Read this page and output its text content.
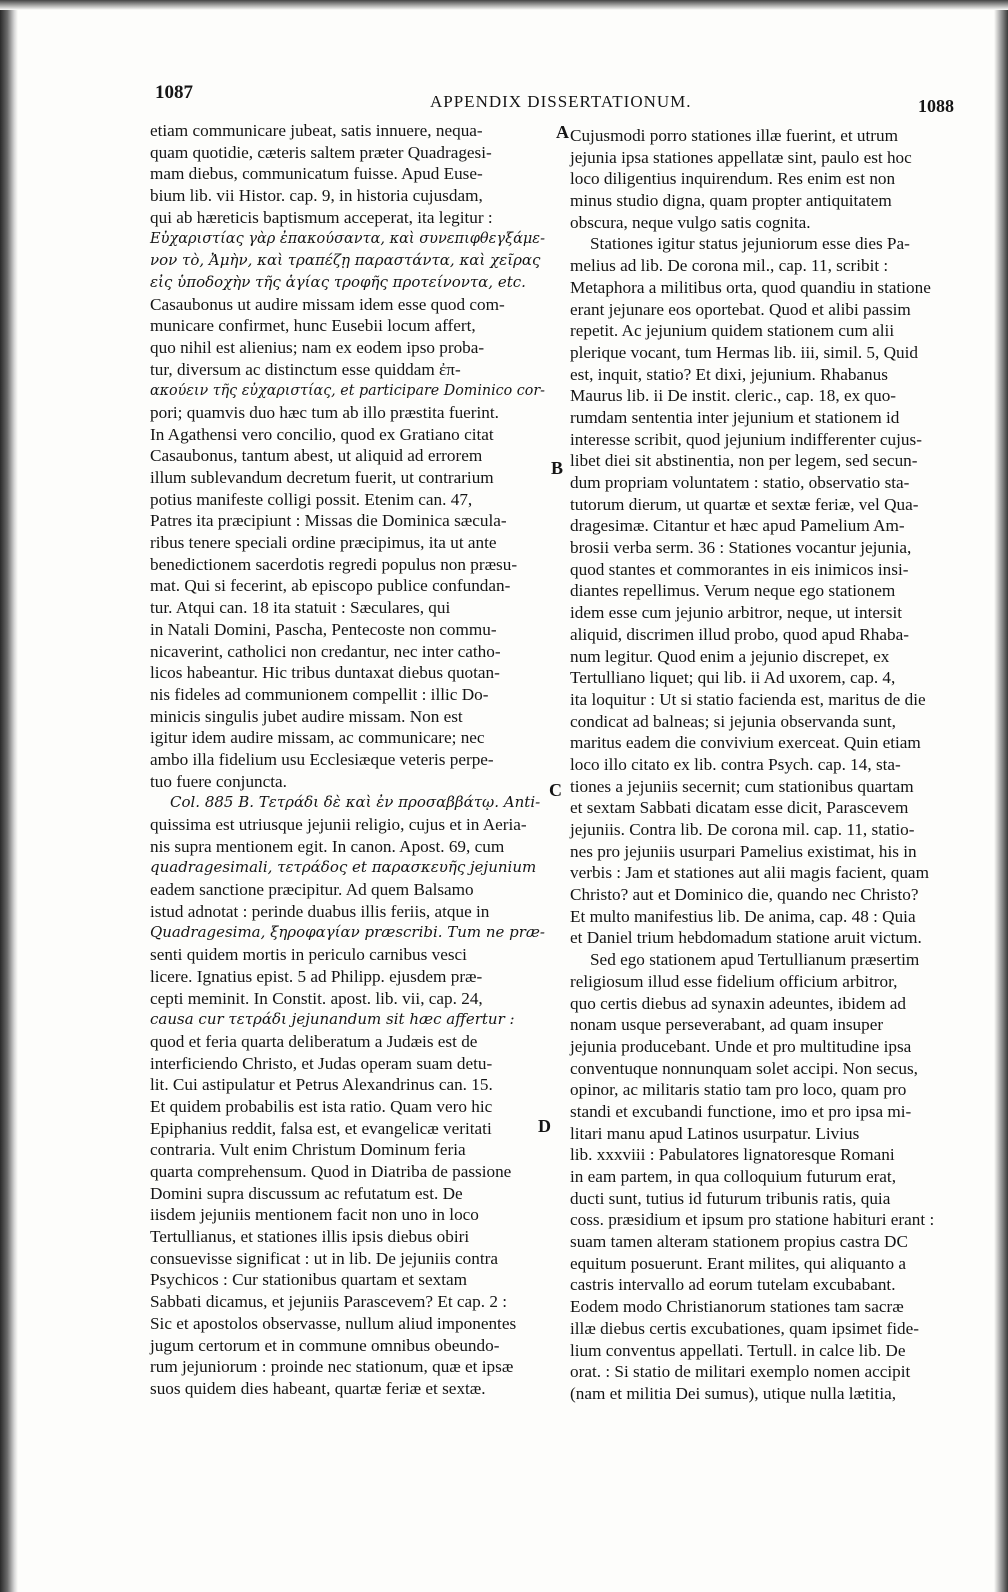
1087	APPENDIX DISSERTATIONUM.	1088
A
B
C
D
etiam communicare jubeat, satis innuere, nequa-
quam quotidie, cæteris saltem præter Quadragesi-
mam diebus, communicatum fuisse. Apud Euse-
bium lib. vii Histor. cap. 9, in historia cujusdam,
qui ab hæreticis baptismum acceperat, ita legitur :
Εὐχαριστίας γὰρ ἐπακούσαντα, καὶ συνεπιφθεγξάμε-
νον τὸ, Ἀμὴν, καὶ τραπέζῃ παραστάντα, καὶ χεῖρας
εἰς ὑποδοχὴν τῆς ἁγίας τροφῆς προτείνοντα, etc.
Casaubonus ut audire missam idem esse quod com-
municare confirmet, hunc Eusebii locum affert,
quo nihil est alienius; nam ex eodem ipso proba-
tur, diversum ac distinctum esse quiddam ἐπ-
ακούειν τῆς εὐχαριστίας, et participare Dominico cor-
pori; quamvis duo hæc tum ab illo præstita fuerint.
In Agathensi vero concilio, quod ex Gratiano citat
Casaubonus, tantum abest, ut aliquid ad errorem
illum sublevandum decretum fuerit, ut contrarium
potius manifeste colligi possit. Etenim can. 47,
Patres ita præcipiunt : Missas die Dominica sæcula-
ribus tenere speciali ordine præcipimus, ita ut ante
benedictionem sacerdotis regredi populus non præsu-
mat. Qui si fecerint, ab episcopo publice confundan-
tur. Atqui can. 18 ita statuit : Sæculares, qui
in Natali Domini, Pascha, Pentecoste non commu-
nicaverint, catholici non credantur, nec inter catho-
licos habeantur. Hic tribus duntaxat diebus quotan-
nis fideles ad communionem compellit : illic Do-
minicis singulis jubet audire missam. Non est
igitur idem audire missam, ac communicare; nec
ambo illa fidelium usu Ecclesiæque veteris perpe-
tuo fuere conjuncta.
Col. 885 B. Τετράδι δὲ καὶ ἐν προσαββάτῳ. Anti-
quissima est utriusque jejunii religio, cujus et in Aeria-
nis supra mentionem egit. In canon. Apost. 69, cum
quadragesimali, τετράδος et παρασκευῆς jejunium
eadem sanctione præcipitur. Ad quem Balsamo
istud adnotat : perinde duabus illis feriis, atque in
Quadragesima, ξηροφαγίαν præscribi. Tum ne præ-
senti quidem mortis in periculo carnibus vesci
licere. Ignatius epist. 5 ad Philipp. ejusdem præ-
cepti meminit. In Constit. apost. lib. vii, cap. 24,
causa cur τετράδι jejunandum sit hæc affertur :
quod et feria quarta deliberatum a Judæis est de
interficiendo Christo, et Judas operam suam detu-
lit. Cui astipulatur et Petrus Alexandrinus can. 15.
Et quidem probabilis est ista ratio. Quam vero hic
Epiphanius reddit, falsa est, et evangelicæ veritati
contraria. Vult enim Christum Dominum feria
quarta comprehensum. Quod in Diatriba de passione
Domini supra discussum ac refutatum est. De
iisdem jejuniis mentionem facit non uno in loco
Tertullianus, et stationes illis ipsis diebus obiri
consuevisse significat : ut in lib. De jejuniis contra
Psychicos : Cur stationibus quartam et sextam
Sabbati dicamus, et jejuniis Parascevem? Et cap. 2 :
Sic et apostolos observasse, nullum aliud imponentes
jugum certorum et in commune omnibus obeundo-
rum jejuniorum : proinde nec stationum, quæ et ipsæ
suos quidem dies habeant, quartæ feriæ et sextæ.
Cujusmodi porro stationes illæ fuerint, et utrum
jejunia ipsa stationes appellatæ sint, paulo est hoc
loco diligentius inquirendum. Res enim est non
minus studio digna, quam propter antiquitatem
obscura, neque vulgo satis cognita.
Stationes igitur status jejuniorum esse dies Pa-
melius ad lib. De corona mil., cap. 11, scribit :
Metaphora a militibus orta, quod quandiu in statione
erant jejunare eos oportebat. Quod et alibi passim
repetit. Ac jejunium quidem stationem cum alii
plerique vocant, tum Hermas lib. iii, simil. 5, Quid
est, inquit, statio? Et dixi, jejunium. Rhabanus
Maurus lib. ii De instit. cleric., cap. 18, ex quo-
rumdam sententia inter jejunium et stationem id
interesse scribit, quod jejunium indifferenter cujus-
libet diei sit abstinentia, non per legem, sed secun-
dum propriam voluntatem : statio, observatio sta-
tutorum dierum, ut quartæ et sextæ feriæ, vel Qua-
dragesimæ. Citantur et hæc apud Pamelium Am-
brosii verba serm. 36 : Stationes vocantur jejunia,
quod stantes et commorantes in eis inimicos insi-
diantes repellimus. Verum neque ego stationem
idem esse cum jejunio arbitror, neque, ut intersit
aliquid, discrimen illud probo, quod apud Rhaba-
num legitur. Quod enim a jejunio discrepet, ex
Tertulliano liquet; qui lib. ii Ad uxorem, cap. 4,
ita loquitur : Ut si statio facienda est, maritus de die
condicat ad balneas; si jejunia observanda sunt,
maritus eadem die convivium exerceat. Quin etiam
loco illo citato ex lib. contra Psych. cap. 14, sta-
tiones a jejuniis secernit; cum stationibus quartam
et sextam Sabbati dicatam esse dicit, Parascevem
jejuniis. Contra lib. De corona mil. cap. 11, statio-
nes pro jejuniis usurpari Pamelius existimat, his in
verbis : Jam et stationes aut alii magis facient, quam
Christo? aut et Dominico die, quando nec Christo?
Et multo manifestius lib. De anima, cap. 48 : Quia
et Daniel trium hebdomadum statione aruit victum.
Sed ego stationem apud Tertullianum præsertim
religiosum illud esse fidelium officium arbitror,
quo certis diebus ad synaxin adeuntes, ibidem ad
nonam usque perseverabant, ad quam insuper
jejunia producebant. Unde et pro multitudine ipsa
conventuque nonnunquam solet accipi. Non secus,
opinor, ac militaris statio tam pro loco, quam pro
standi et excubandi functione, imo et pro ipsa mi-
litari manu apud Latinos usurpatur. Livius
lib. xxxviii : Pabulatores lignatoresque Romani
in eam partem, in qua colloquium futurum erat,
ducti sunt, tutius id futurum tribunis ratis, quia
coss. præsidium et ipsum pro statione habituri erant :
suam tamen alteram stationem propius castra DC
equitum posuerunt. Erant milites, qui aliquanto a
castris intervallo ad eorum tutelam excubabant.
Eodem modo Christianorum stationes tam sacræ
illæ diebus certis excubationes, quam ipsimet fide-
lium conventus appellati. Tertull. in calce lib. De
orat. : Si statio de militari exemplo nomen accipit
(nam et militia Dei sumus), utique nulla lætitia,
